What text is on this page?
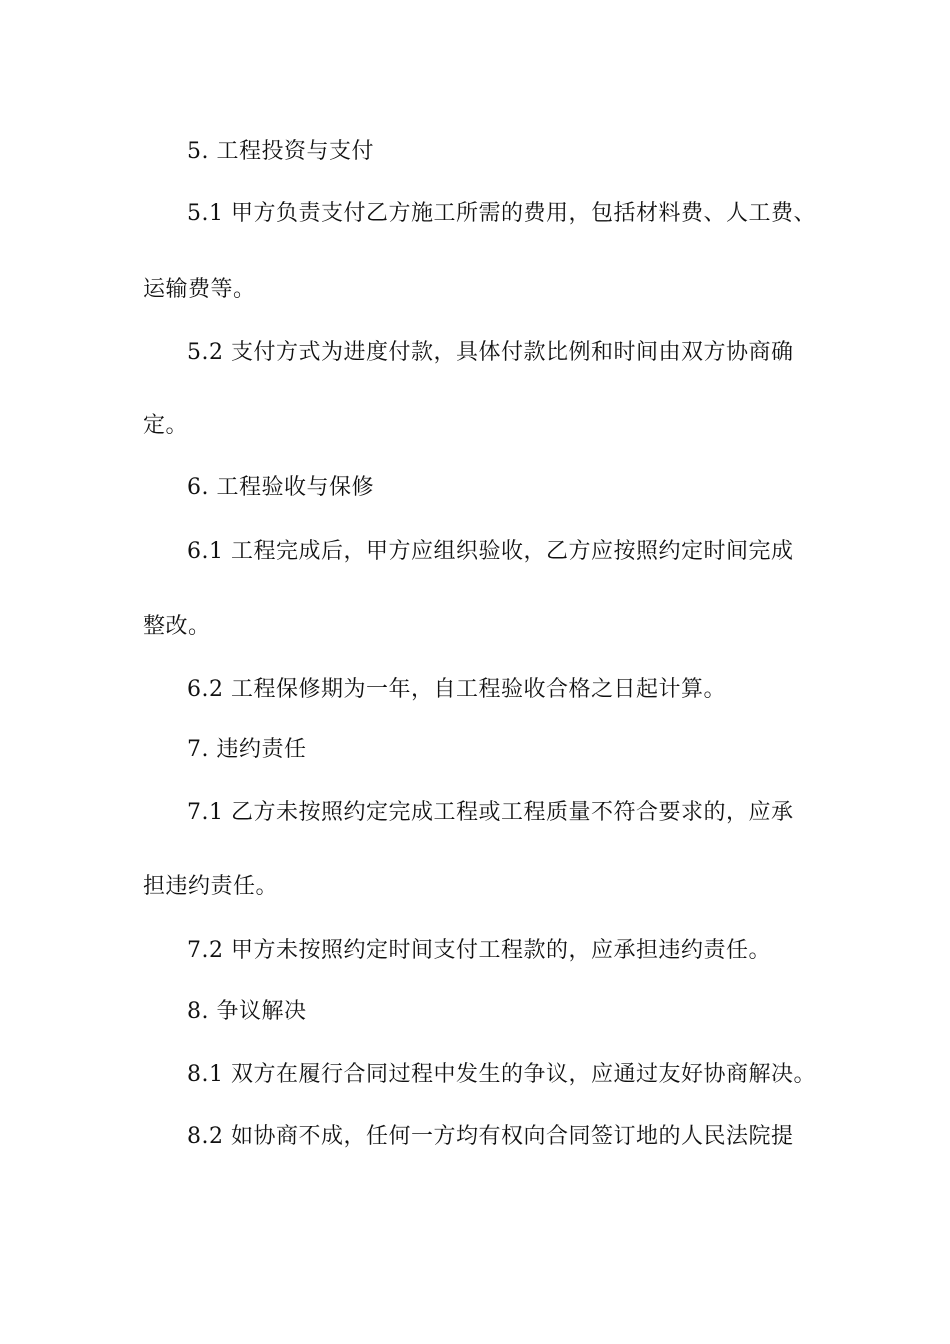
5. 工程投资与支付

5.1 甲方负责支付乙方施工所需的费用，包括材料费、人工费、

运输费等。

5.2 支付方式为进度付款，具体付款比例和时间由双方协商确

定。

6. 工程验收与保修

6.1 工程完成后，甲方应组织验收，乙方应按照约定时间完成

整改。

6.2 工程保修期为一年，自工程验收合格之日起计算。

7. 违约责任

7.1 乙方未按照约定完成工程或工程质量不符合要求的，应承

担违约责任。

7.2 甲方未按照约定时间支付工程款的，应承担违约责任。

8. 争议解决

8.1 双方在履行合同过程中发生的争议，应通过友好协商解决。

8.2 如协商不成，任何一方均有权向合同签订地的人民法院提
